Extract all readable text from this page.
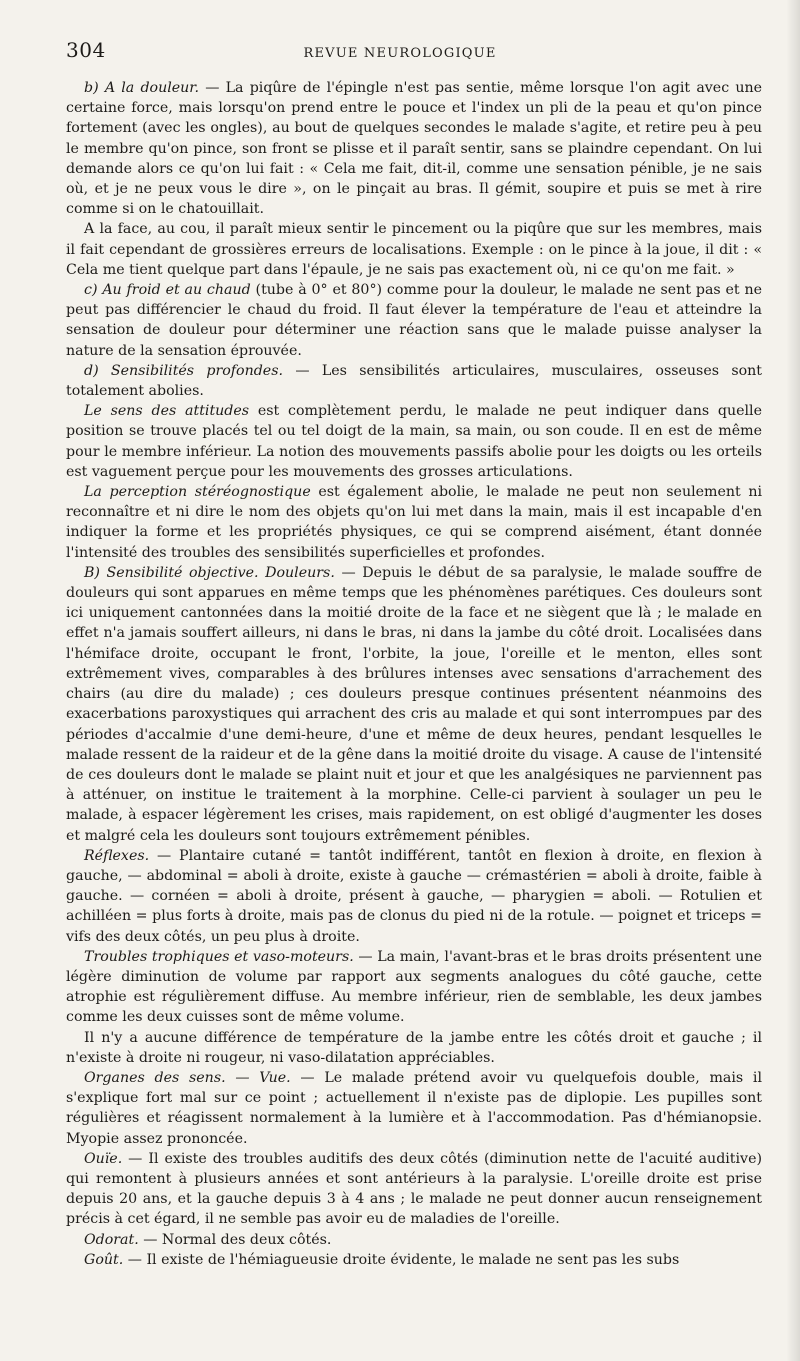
304	REVUE NEUROLOGIQUE

b) A la douleur. — La piqûre de l'épingle n'est pas sentie, même lorsque l'on agit avec une certaine force, mais lorsqu'on prend entre le pouce et l'index un pli de la peau et qu'on pince fortement (avec les ongles), au bout de quelques secondes le malade s'agite, et retire peu à peu le membre qu'on pince, son front se plisse et il paraît sentir, sans se plaindre cependant. On lui demande alors ce qu'on lui fait : « Cela me fait, dit-il, comme une sensation pénible, je ne sais où, et je ne peux vous le dire », on le pinçait au bras. Il gémit, soupire et puis se met à rire comme si on le chatouillait.

A la face, au cou, il paraît mieux sentir le pincement ou la piqûre que sur les membres, mais il fait cependant de grossières erreurs de localisations. Exemple : on le pince à la joue, il dit : « Cela me tient quelque part dans l'épaule, je ne sais pas exactement où, ni ce qu'on me fait. »

c) Au froid et au chaud (tube à 0° et 80°) comme pour la douleur, le malade ne sent pas et ne peut pas différencier le chaud du froid. Il faut élever la température de l'eau et atteindre la sensation de douleur pour déterminer une réaction sans que le malade puisse analyser la nature de la sensation éprouvée.

d) Sensibilités profondes. — Les sensibilités articulaires, musculaires, osseuses sont totalement abolies.

Le sens des attitudes est complètement perdu, le malade ne peut indiquer dans quelle position se trouve placés tel ou tel doigt de la main, sa main, ou son coude. Il en est de même pour le membre inférieur. La notion des mouvements passifs abolie pour les doigts ou les orteils est vaguement perçue pour les mouvements des grosses articulations.

La perception stéréognostique est également abolie, le malade ne peut non seulement ni reconnaître et ni dire le nom des objets qu'on lui met dans la main, mais il est incapable d'en indiquer la forme et les propriétés physiques, ce qui se comprend aisément, étant donnée l'intensité des troubles des sensibilités superficielles et profondes.

B) Sensibilité objective. Douleurs. — Depuis le début de sa paralysie, le malade souffre de douleurs qui sont apparues en même temps que les phénomènes parétiques. Ces douleurs sont ici uniquement cantonnées dans la moitié droite de la face et ne siègent que là ; le malade en effet n'a jamais souffert ailleurs, ni dans le bras, ni dans la jambe du côté droit. Localisées dans l'hémiface droite, occupant le front, l'orbite, la joue, l'oreille et le menton, elles sont extrêmement vives, comparables à des brûlures intenses avec sensations d'arrachement des chairs (au dire du malade) ; ces douleurs presque continues présentent néanmoins des exacerbations paroxystiques qui arrachent des cris au malade et qui sont interrompues par des périodes d'accalmie d'une demi-heure, d'une et même de deux heures, pendant lesquelles le malade ressent de la raideur et de la gêne dans la moitié droite du visage. A cause de l'intensité de ces douleurs dont le malade se plaint nuit et jour et que les analgésiques ne parviennent pas à atténuer, on institue le traitement à la morphine. Celle-ci parvient à soulager un peu le malade, à espacer légèrement les crises, mais rapidement, on est obligé d'augmenter les doses et malgré cela les douleurs sont toujours extrêmement pénibles.

Réflexes. — Plantaire cutané = tantôt indifférent, tantôt en flexion à droite, en flexion à gauche, — abdominal = aboli à droite, existe à gauche — crémastérien = aboli à droite, faible à gauche. — cornéen = aboli à droite, présent à gauche, — pharygien = aboli. — Rotulien et achilléen = plus forts à droite, mais pas de clonus du pied ni de la rotule. — poignet et triceps = vifs des deux côtés, un peu plus à droite.

Troubles trophiques et vaso-moteurs. — La main, l'avant-bras et le bras droits présentent une légère diminution de volume par rapport aux segments analogues du côté gauche, cette atrophie est régulièrement diffuse. Au membre inférieur, rien de semblable, les deux jambes comme les deux cuisses sont de même volume.

Il n'y a aucune différence de température de la jambe entre les côtés droit et gauche ; il n'existe à droite ni rougeur, ni vaso-dilatation appréciables.

Organes des sens. — Vue. — Le malade prétend avoir vu quelquefois double, mais il s'explique fort mal sur ce point ; actuellement il n'existe pas de diplopie. Les pupilles sont régulières et réagissent normalement à la lumière et à l'accommodation. Pas d'hémianopsie. Myopie assez prononcée.

Ouïe. — Il existe des troubles auditifs des deux côtés (diminution nette de l'acuité auditive) qui remontent à plusieurs années et sont antérieurs à la paralysie. L'oreille droite est prise depuis 20 ans, et la gauche depuis 3 à 4 ans ; le malade ne peut donner aucun renseignement précis à cet égard, il ne semble pas avoir eu de maladies de l'oreille.

Odorat. — Normal des deux côtés.

Goût. — Il existe de l'hémiagueusie droite évidente, le malade ne sent pas les subs
